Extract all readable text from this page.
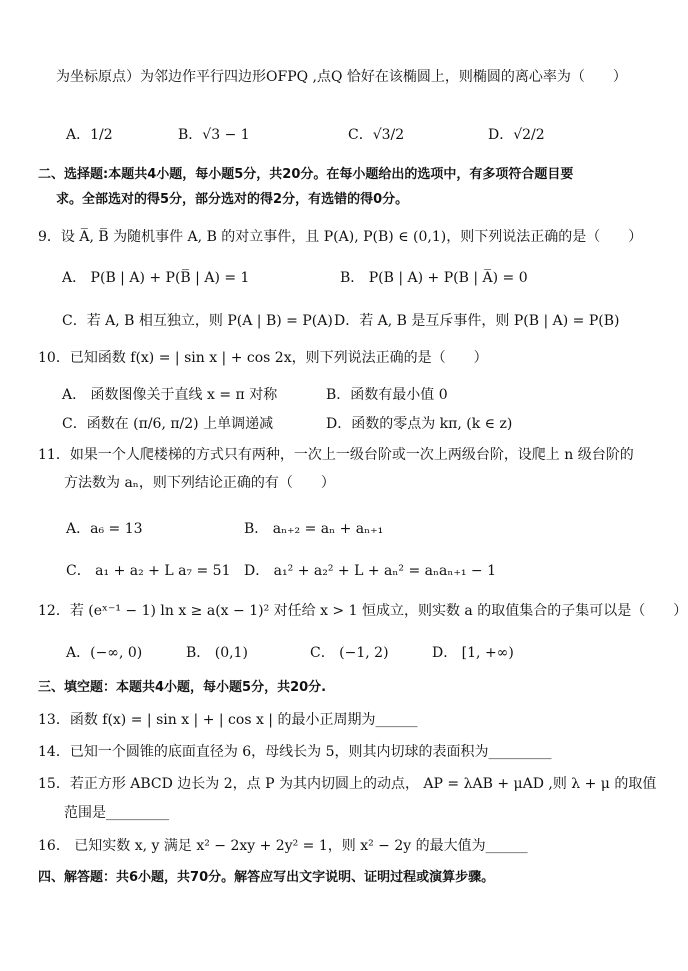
为坐标原点）为邻边作平行四边形OFPQ ,点Q 恰好在该椭圆上，则椭圆的离心率为（　　）
A．1/2	B．√3 − 1	C．√3/2	D．√2/2
二、选择题:本题共4小题，每小题5分，共20分。在每小题给出的选项中，有多项符合题目要
求。全部选对的得5分，部分选对的得2分，有选错的得0分。
9．设 A̅, B̅ 为随机事件 A, B 的对立事件，且 P(A), P(B) ∈ (0,1)，则下列说法正确的是（　　）
A． P(B | A) + P(B̅ | A) = 1	B． P(B | A) + P(B | A̅) = 0
C．若 A, B 相互独立，则 P(A | B) = P(A) D．若 A, B 是互斥事件，则 P(B | A) = P(B)
10．已知函数 f(x) = | sin x | + cos 2x，则下列说法正确的是（　　）
A． 函数图像关于直线 x = π 对称	B．函数有最小值 0
C．函数在 (π/6, π/2) 上单调递减	D．函数的零点为 kπ, (k ∈ z)
11．如果一个人爬楼梯的方式只有两种，一次上一级台阶或一次上两级台阶，设爬上 n 级台阶的
方法数为 aₙ，则下列结论正确的有（　　）
A．a₆ = 13	B． aₙ₊₂ = aₙ + aₙ₊₁
C． a₁ + a₂ + L a₇ = 51 D． a₁² + a₂² + L + aₙ² = aₙaₙ₊₁ − 1
12．若 (eˣ⁻¹ − 1) ln x ≥ a(x − 1)² 对任给 x > 1 恒成立，则实数 a 的取值集合的子集可以是（　　）
A．(−∞, 0)	B． (0,1)	C． (−1, 2)	D． [1, +∞)
三、填空题：本题共4小题，每小题5分，共20分.
13．函数 f(x) = | sin x | + | cos x | 的最小正周期为______
14．已知一个圆锥的底面直径为 6，母线长为 5，则其内切球的表面积为_________
15．若正方形 ABCD 边长为 2，点 P 为其内切圆上的动点， AP = λAB + μAD ,则 λ + μ 的取值
范围是_________
16． 已知实数 x, y 满足 x² − 2xy + 2y² = 1，则 x² − 2y 的最大值为______
四、解答题：共6小题，共70分。解答应写出文字说明、证明过程或演算步骤。
